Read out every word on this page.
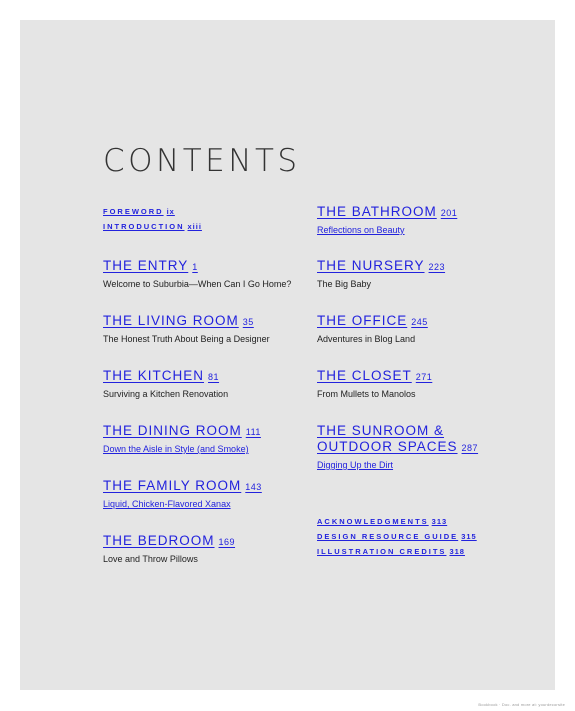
CONTENTS
FOREWORD ix
INTRODUCTION xiii
THE ENTRY 1
Welcome to Suburbia—When Can I Go Home?
THE LIVING ROOM 35
The Honest Truth About Being a Designer
THE KITCHEN 81
Surviving a Kitchen Renovation
THE DINING ROOM 111
Down the Aisle in Style (and Smoke)
THE FAMILY ROOM 143
Liquid, Chicken-Flavored Xanax
THE BEDROOM 169
Love and Throw Pillows
THE BATHROOM 201
Reflections on Beauty
THE NURSERY 223
The Big Baby
THE OFFICE 245
Adventures in Blog Land
THE CLOSET 271
From Mullets to Manolos
THE SUNROOM &
OUTDOOR SPACES 287
Digging Up the Dirt
ACKNOWLEDGMENTS 313
DESIGN RESOURCE GUIDE 315
ILLUSTRATION CREDITS 318
Bookbook · Doc. and more at: yourdecorsite
